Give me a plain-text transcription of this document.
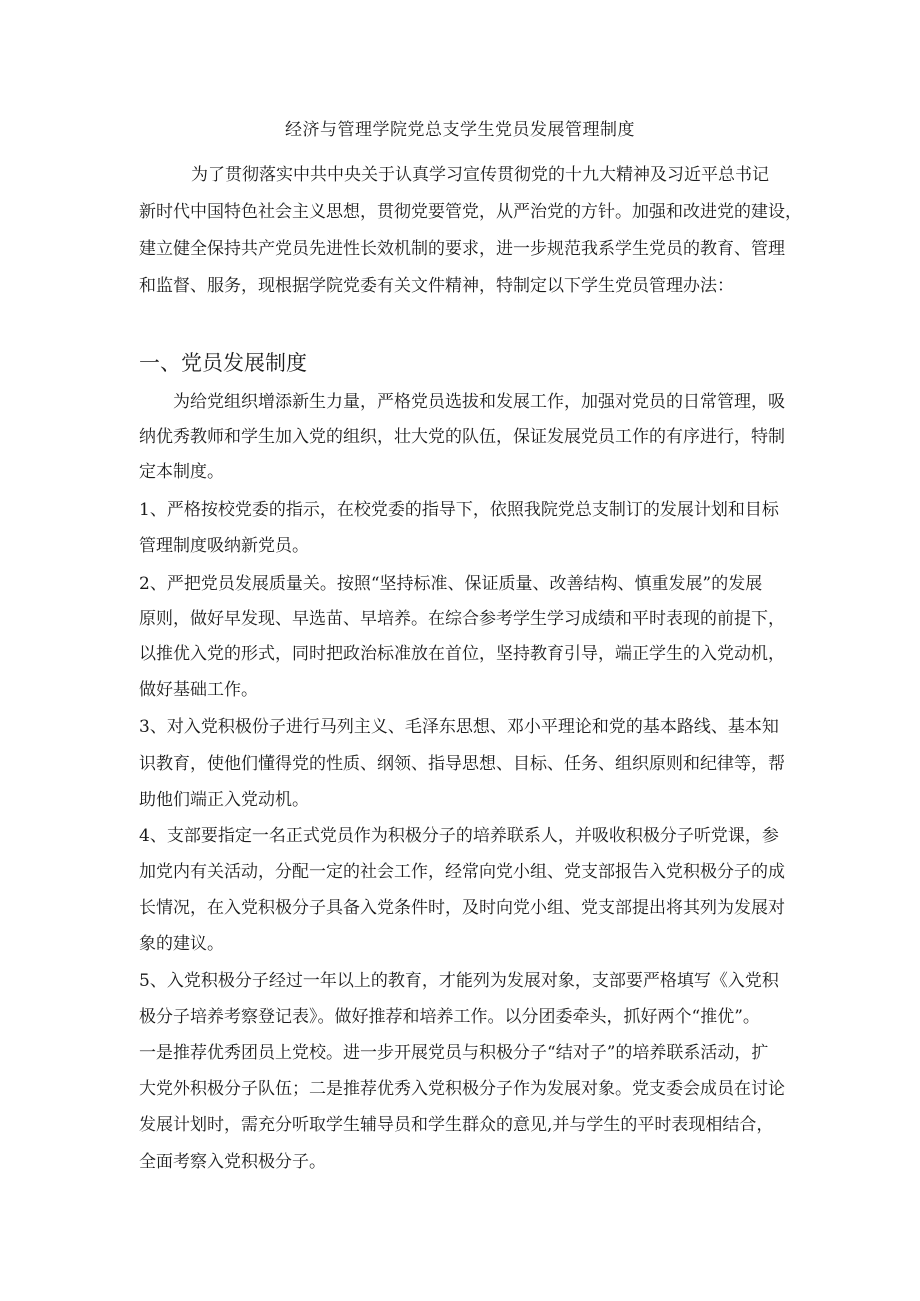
经济与管理学院党总支学生党员发展管理制度
为了贯彻落实中共中央关于认真学习宣传贯彻党的十九大精神及习近平总书记
新时代中国特色社会主义思想，贯彻党要管党，从严治党的方针。加强和改进党的建设，
建立健全保持共产党员先进性长效机制的要求，进一步规范我系学生党员的教育、管理
和监督、服务，现根据学院党委有关文件精神，特制定以下学生党员管理办法：
一、党员发展制度
为给党组织增添新生力量，严格党员选拔和发展工作，加强对党员的日常管理，吸
纳优秀教师和学生加入党的组织，壮大党的队伍，保证发展党员工作的有序进行，特制
定本制度。
1、严格按校党委的指示，在校党委的指导下，依照我院党总支制订的发展计划和目标
管理制度吸纳新党员。
2、严把党员发展质量关。按照“坚持标准、保证质量、改善结构、慎重发展”的发展
原则，做好早发现、早选苗、早培养。在综合参考学生学习成绩和平时表现的前提下，
以推优入党的形式，同时把政治标准放在首位，坚持教育引导，端正学生的入党动机，
做好基础工作。
3、对入党积极份子进行马列主义、毛泽东思想、邓小平理论和党的基本路线、基本知
识教育，使他们懂得党的性质、纲领、指导思想、目标、任务、组织原则和纪律等，帮
助他们端正入党动机。
4、支部要指定一名正式党员作为积极分子的培养联系人，并吸收积极分子听党课，参
加党内有关活动，分配一定的社会工作，经常向党小组、党支部报告入党积极分子的成
长情况，在入党积极分子具备入党条件时，及时向党小组、党支部提出将其列为发展对
象的建议。
5、入党积极分子经过一年以上的教育，才能列为发展对象，支部要严格填写《入党积
极分子培养考察登记表》。做好推荐和培养工作。以分团委牵头，抓好两个“推优”。
一是推荐优秀团员上党校。进一步开展党员与积极分子“结对子”的培养联系活动，扩
大党外积极分子队伍；二是推荐优秀入党积极分子作为发展对象。党支委会成员在讨论
发展计划时，需充分听取学生辅导员和学生群众的意见,并与学生的平时表现相结合，
全面考察入党积极分子。
